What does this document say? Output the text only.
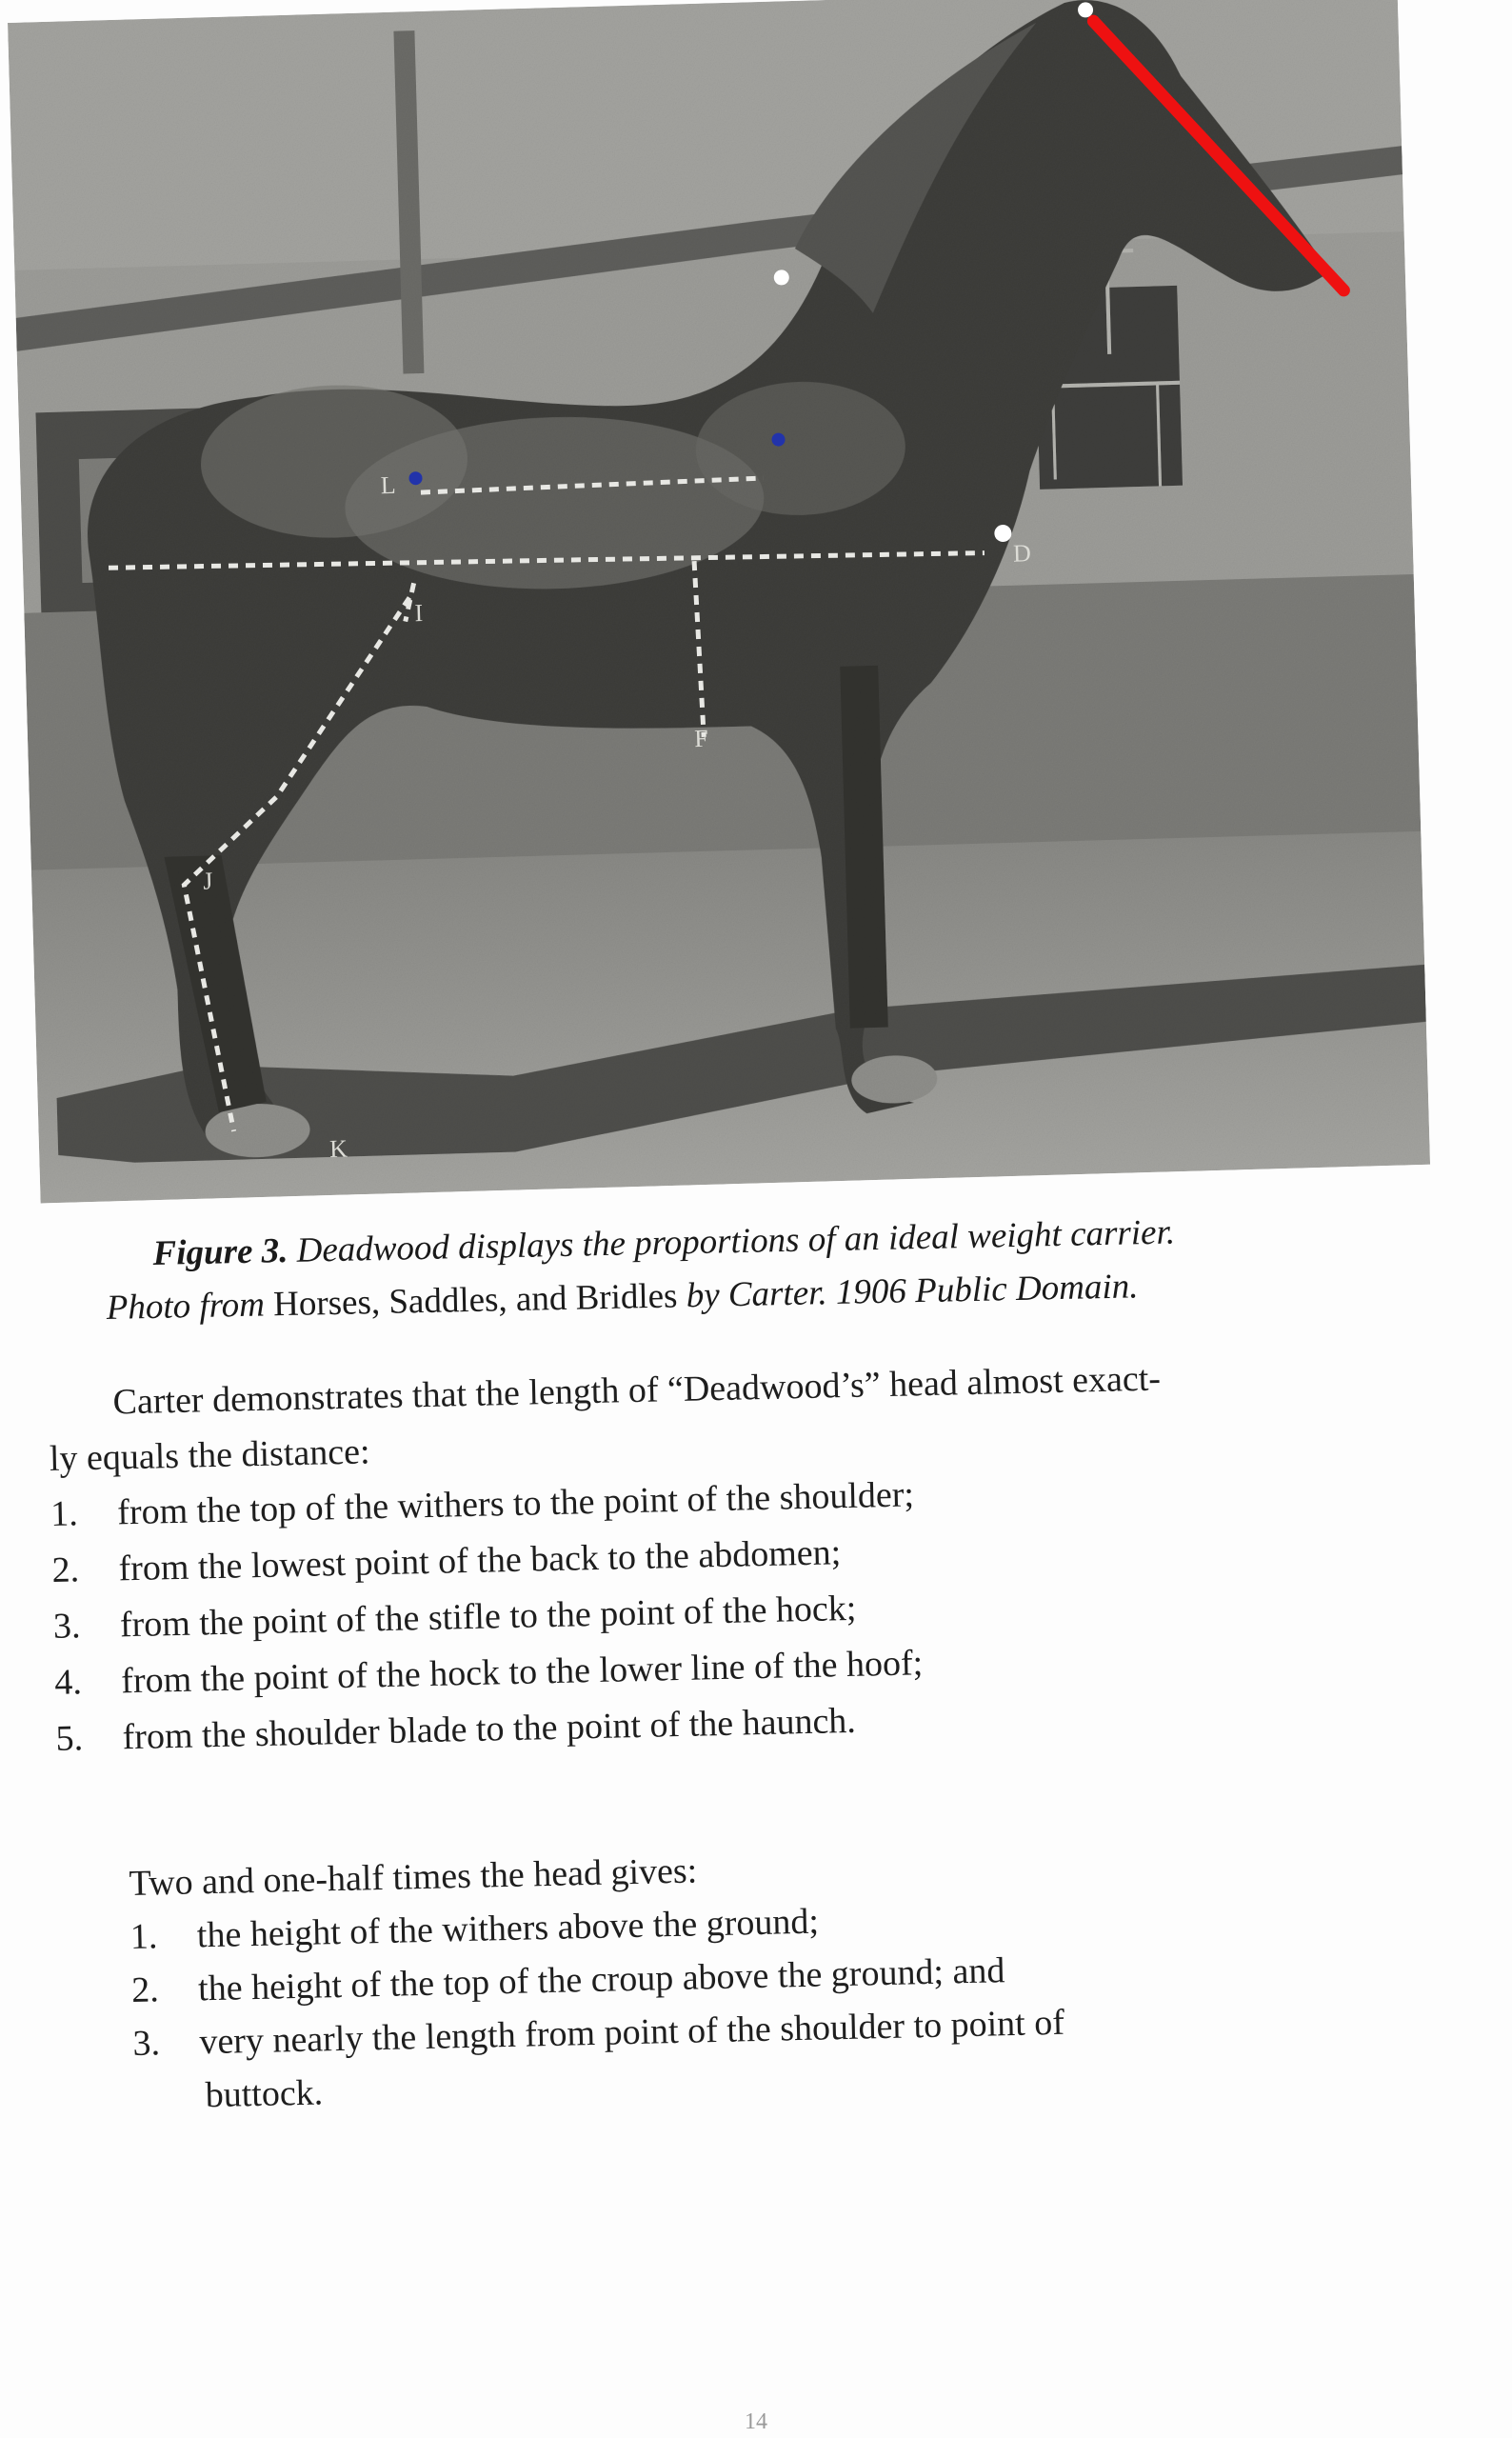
L
I
D
F
J
K
Figure 3. Deadwood displays the proportions of an ideal weight carrier.
Photo from Horses, Saddles, and Bridles by Carter. 1906 Public Domain.
Carter demonstrates that the length of “Deadwood’s” head almost exact-
ly equals the distance:
1.	from the top of the withers to the point of the shoulder;
2.	from the lowest point of the back to the abdomen;
3.	from the point of the stifle to the point of the hock;
4.	from the point of the hock to the lower line of the hoof;
5.	from the shoulder blade to the point of the haunch.
Two and one-half times the head gives:
1.	the height of the withers above the ground;
2.	the height of the top of the croup above the ground; and
3.	very nearly the length from point of the shoulder to point of
buttock.
14
